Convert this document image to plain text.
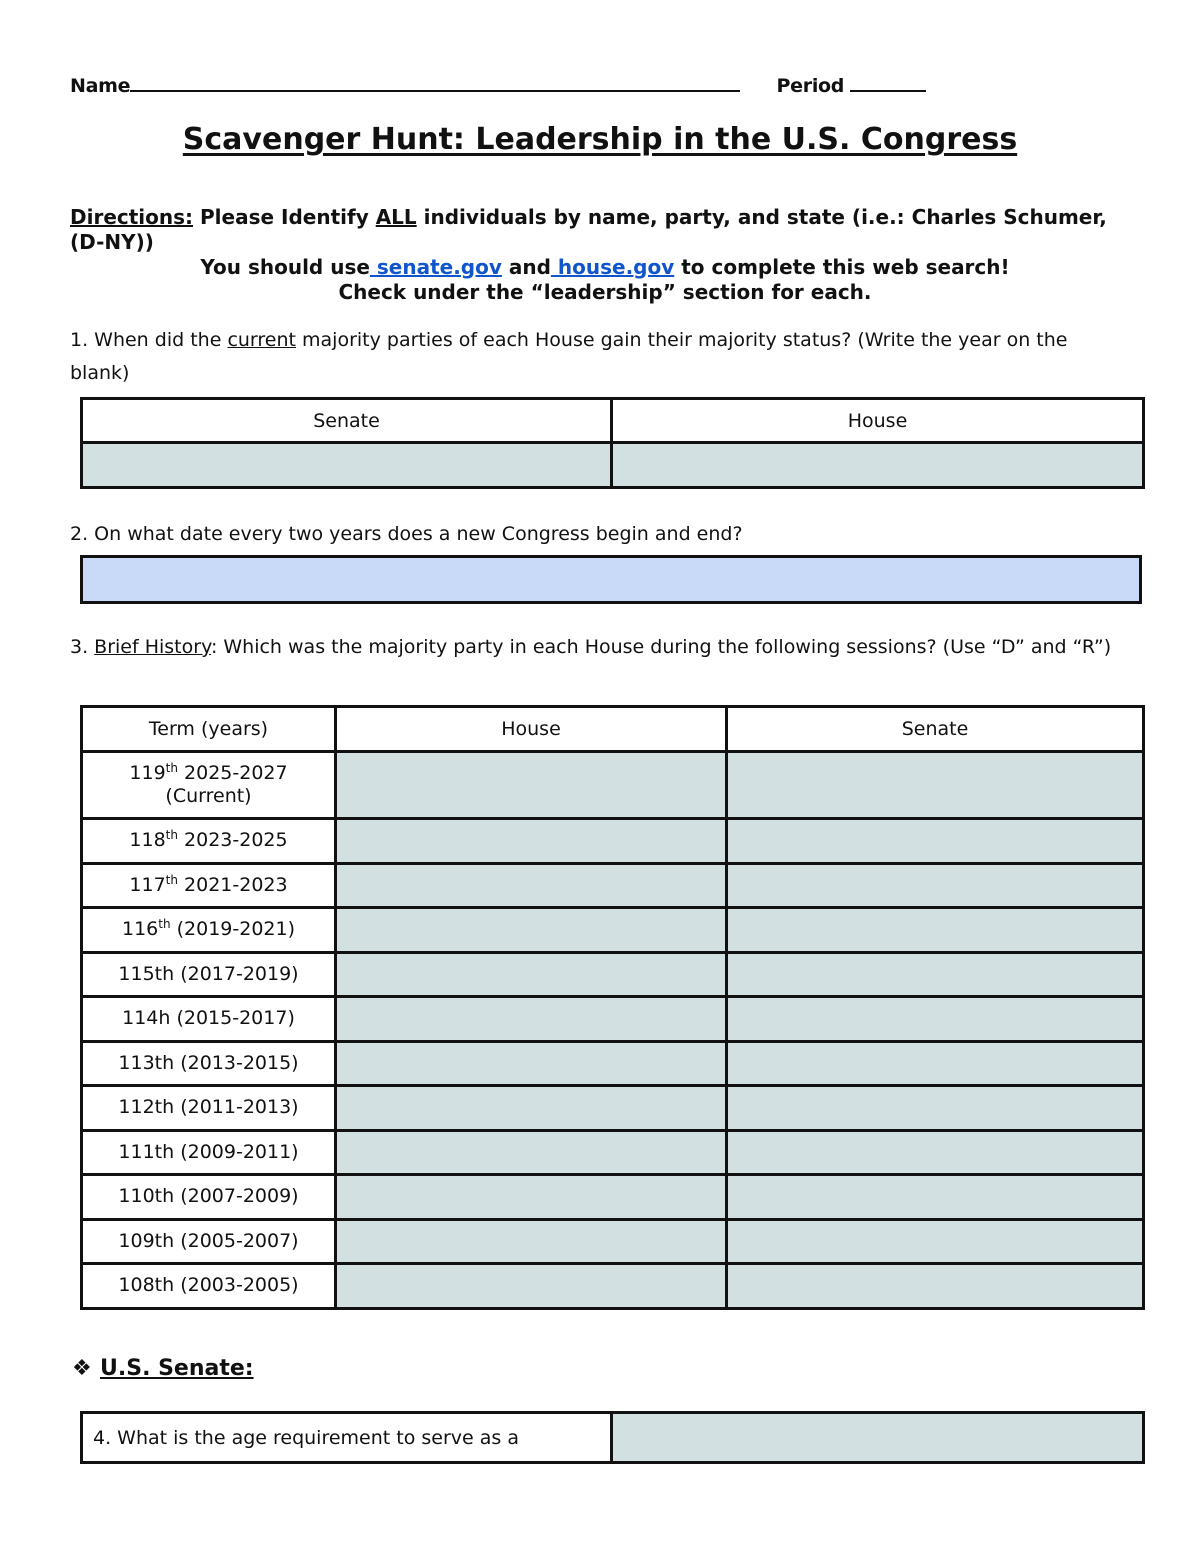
Name	Period
Scavenger Hunt: Leadership in the U.S. Congress
Directions: Please Identify ALL individuals by name, party, and state (i.e.: Charles Schumer, (D-NY))
You should use senate.gov and house.gov to complete this web search!
Check under the “leadership” section for each.
1. When did the current majority parties of each House gain their majority status? (Write the year on the blank)
Senate	House

2. On what date every two years does a new Congress begin and end?
3. Brief History: Which was the majority party in each House during the following sessions? (Use “D” and “R”)
Term (years)	House	Senate
119th 2025-2027
(Current)		
118th 2023-2025		
117th 2021-2023		
116th (2019-2021)		
115th (2017-2019)		
114h (2015-2017)		
113th (2013-2015)		
112th (2011-2013)		
111th (2009-2011)		
110th (2007-2009)		
109th (2005-2007)		
108th (2003-2005)		
❖ U.S. Senate:
4. What is the age requirement to serve as a	
